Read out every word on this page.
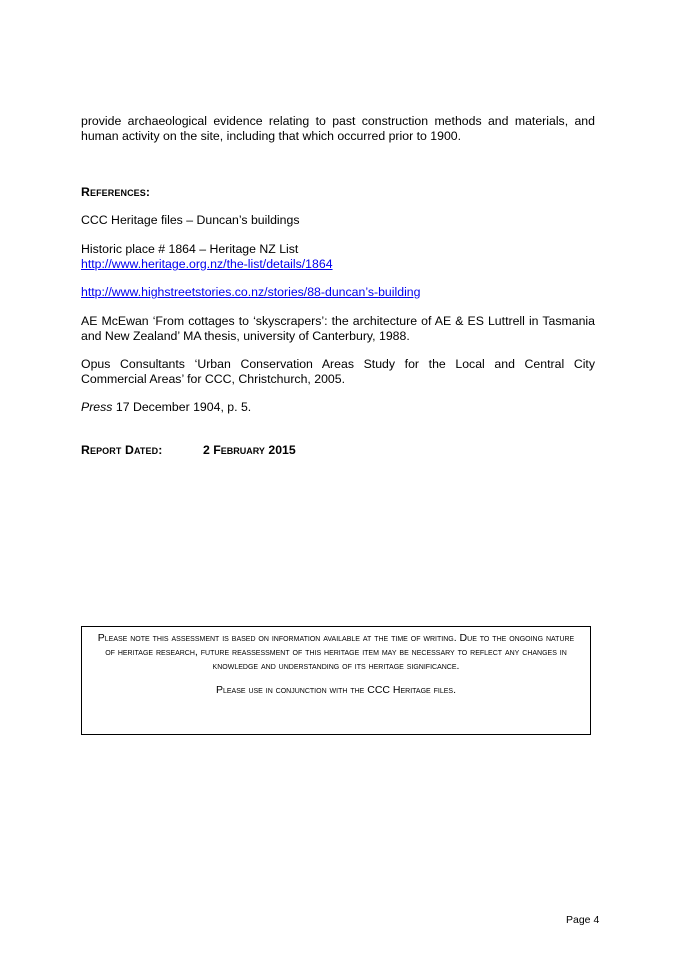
provide archaeological evidence relating to past construction methods and materials, and human activity on the site, including that which occurred prior to 1900.

References:

CCC Heritage files – Duncan’s buildings

Historic place # 1864 – Heritage NZ List
http://www.heritage.org.nz/the-list/details/1864
http://www.highstreetstories.co.nz/stories/88-duncan’s-building

AE McEwan ‘From cottages to ‘skyscrapers’: the architecture of AE & ES Luttrell in Tasmania and New Zealand’ MA thesis, university of Canterbury, 1988.

Opus Consultants ‘Urban Conservation Areas Study for the Local and Central City Commercial Areas’ for CCC, Christchurch, 2005.

Press 17 December 1904, p. 5.

Report Dated:	2 February 2015

Please note this assessment is based on information available at the time of writing. Due to the ongoing nature of heritage research, future reassessment of this heritage item may be necessary to reflect any changes in knowledge and understanding of its heritage significance.

Please use in conjunction with the CCC Heritage files.

Page 4
